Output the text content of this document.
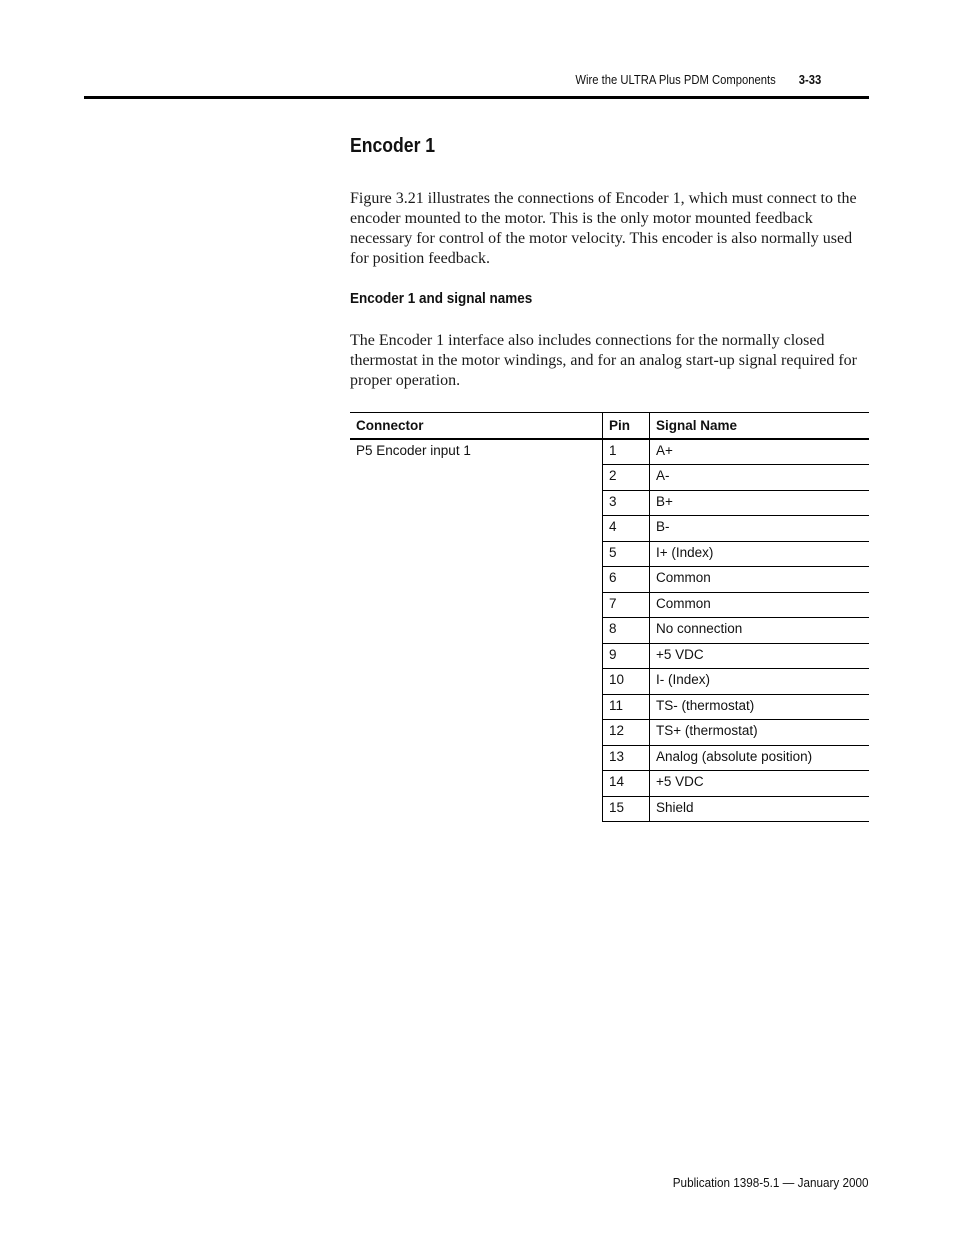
Wire the ULTRA Plus PDM Components 3-33
Encoder 1
Figure 3.21 illustrates the connections of Encoder 1, which must connect to the encoder mounted to the motor. This is the only motor mounted feedback necessary for control of the motor velocity. This encoder is also normally used for position feedback.
Encoder 1 and signal names
The Encoder 1 interface also includes connections for the normally closed thermostat in the motor windings, and for an analog start-up signal required for proper operation.
Connector	Pin	Signal Name
P5 Encoder input 1	1	A+
	2	A-
	3	B+
	4	B-
	5	I+ (Index)
	6	Common
	7	Common
	8	No connection
	9	+5 VDC
	10	I- (Index)
	11	TS- (thermostat)
	12	TS+ (thermostat)
	13	Analog (absolute position)
	14	+5 VDC
	15	Shield
Publication 1398-5.1 — January 2000
